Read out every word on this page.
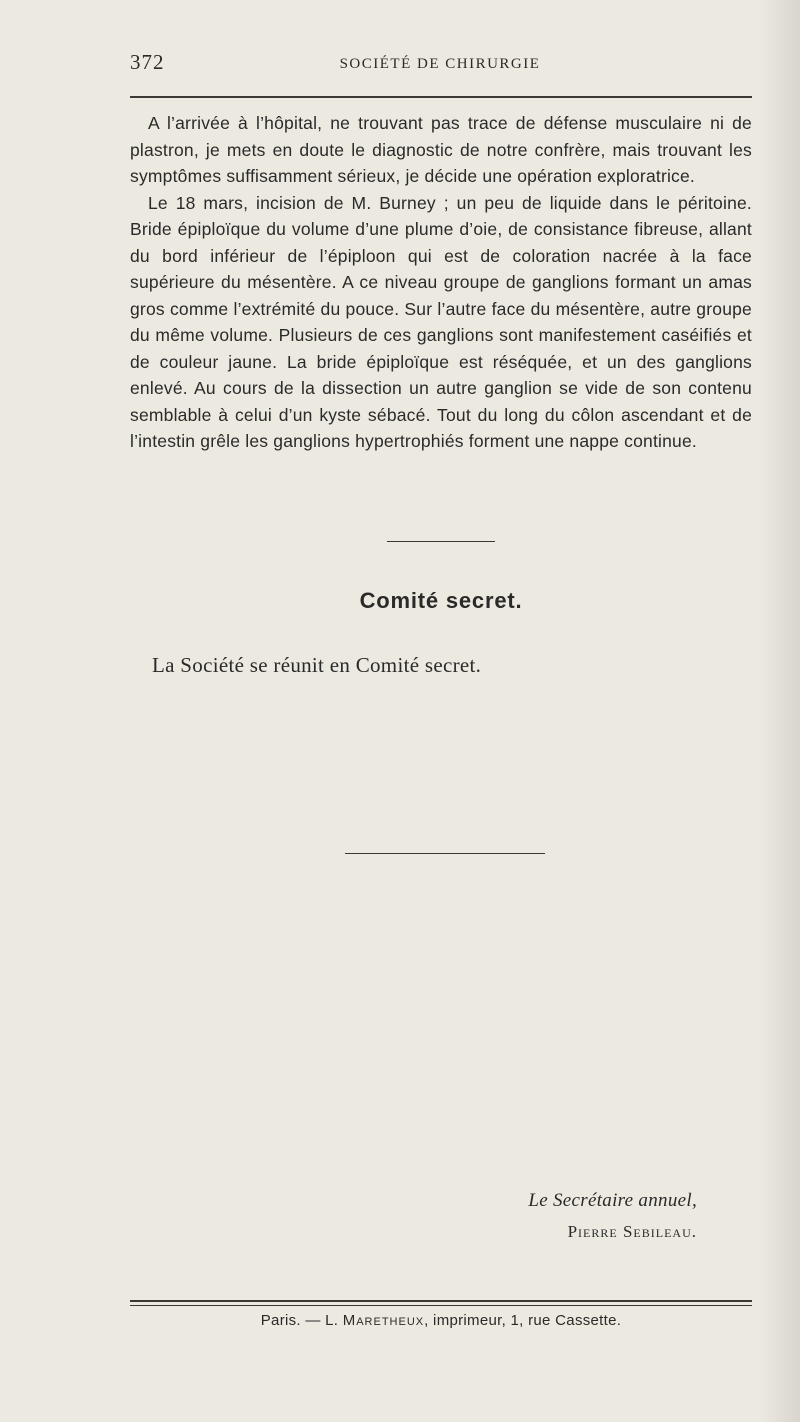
372	SOCIÉTÉ DE CHIRURGIE

A l’arrivée à l’hôpital, ne trouvant pas trace de défense musculaire ni de plastron, je mets en doute le diagnostic de notre confrère, mais trouvant les symptômes suffisamment sérieux, je décide une opération exploratrice.

Le 18 mars, incision de M. Burney ; un peu de liquide dans le péritoine. Bride épiploïque du volume d’une plume d’oie, de consistance fibreuse, allant du bord inférieur de l’épiploon qui est de coloration nacrée à la face supérieure du mésentère. A ce niveau groupe de ganglions formant un amas gros comme l’extrémité du pouce. Sur l’autre face du mésentère, autre groupe du même volume. Plusieurs de ces ganglions sont manifestement caséifiés et de couleur jaune. La bride épiploïque est réséquée, et un des ganglions enlevé. Au cours de la dissection un autre ganglion se vide de son contenu semblable à celui d’un kyste sébacé. Tout du long du côlon ascendant et de l’intestin grêle les ganglions hypertrophiés forment une nappe continue.

Comité secret.
La Société se réunit en Comité secret.
Le Secrétaire annuel,
Pierre Sebileau.
Paris. — L. Maretheux, imprimeur, 1, rue Cassette.
